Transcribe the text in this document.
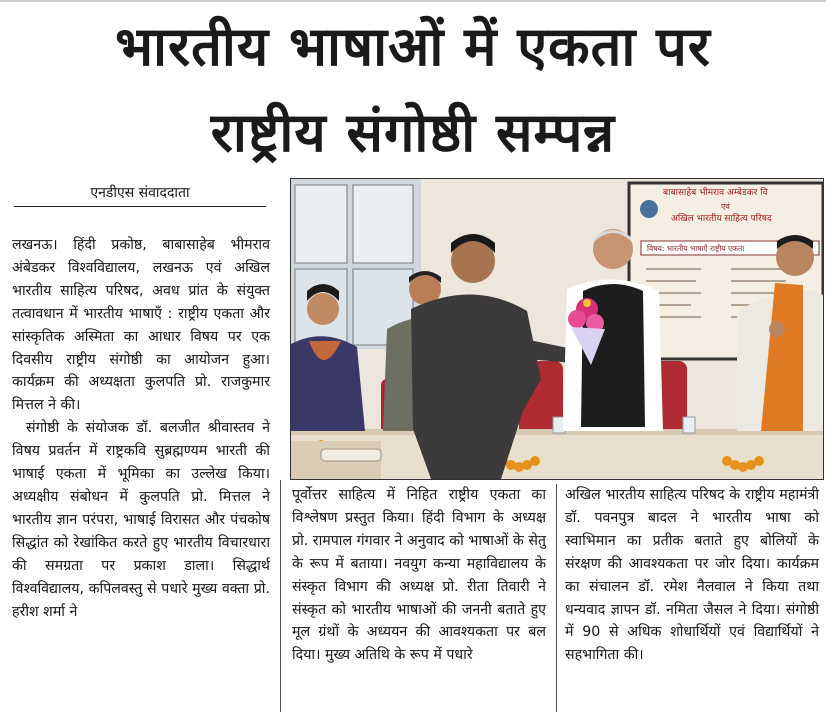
भारतीय भाषाओं में एकता पर
राष्ट्रीय संगोष्ठी सम्पन्न
एनडीएस संवाददाता

लखनऊ। हिंदी प्रकोष्ठ, बाबासाहेब भीमराव अंबेडकर विश्वविद्यालय, लखनऊ एवं अखिल भारतीय साहित्य परिषद, अवध प्रांत के संयुक्त तत्वावधान में भारतीय भाषाएँ : राष्ट्रीय एकता और सांस्कृतिक अस्मिता का आधार विषय पर एक दिवसीय राष्ट्रीय संगोष्ठी का आयोजन हुआ। कार्यक्रम की अध्यक्षता कुलपति प्रो. राजकुमार मित्तल ने की।

संगोष्ठी के संयोजक डॉ. बलजीत श्रीवास्तव ने विषय प्रवर्तन में राष्ट्रकवि सुब्रह्मण्यम भारती की भाषाई एकता में भूमिका का उल्लेख किया। अध्यक्षीय संबोधन में कुलपति प्रो. मित्तल ने भारतीय ज्ञान परंपरा, भाषाई विरासत और पंचकोष सिद्धांत को रेखांकित करते हुए भारतीय विचारधारा की समग्रता पर प्रकाश डाला। सिद्धार्थ विश्वविद्यालय, कपिलवस्तु से पधारे मुख्य वक्ता प्रो. हरीश शर्मा ने

बाबासाहेब भीमराव अम्बेडकर वि
एवं
अखिल भारतीय साहित्य परिषद
विषय: भारतीय भाषाएँ राष्ट्रीय एकता

पूर्वोत्तर साहित्य में निहित राष्ट्रीय एकता का विश्लेषण प्रस्तुत किया। हिंदी विभाग के अध्यक्ष प्रो. रामपाल गंगवार ने अनुवाद को भाषाओं के सेतु के रूप में बताया। नवयुग कन्या महाविद्यालय के संस्कृत विभाग की अध्यक्ष प्रो. रीता तिवारी ने संस्कृत को भारतीय भाषाओं की जननी बताते हुए मूल ग्रंथों के अध्ययन की आवश्यकता पर बल दिया। मुख्य अतिथि के रूप में पधारे

अखिल भारतीय साहित्य परिषद के राष्ट्रीय महामंत्री डॉ. पवनपुत्र बादल ने भारतीय भाषा को स्वाभिमान का प्रतीक बताते हुए बोलियों के संरक्षण की आवश्यकता पर जोर दिया। कार्यक्रम का संचालन डॉ. रमेश नैलवाल ने किया तथा धन्यवाद ज्ञापन डॉ. नमिता जैसल ने दिया। संगोष्ठी में 90 से अधिक शोधार्थियों एवं विद्यार्थियों ने सहभागिता की।
